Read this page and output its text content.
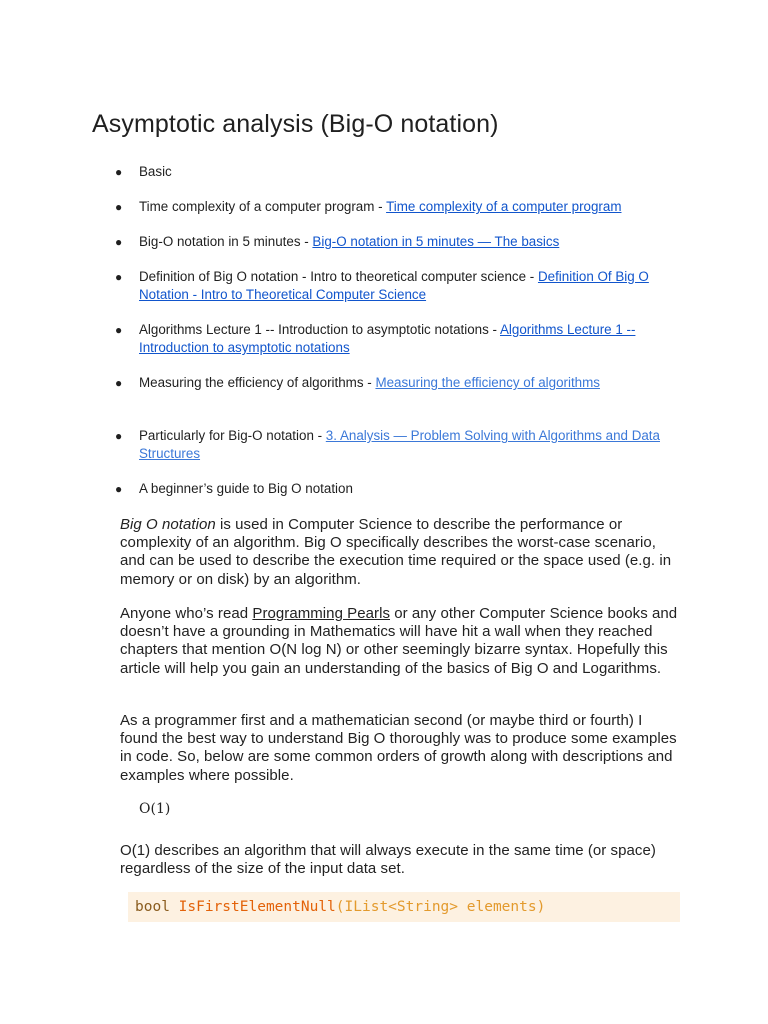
Asymptotic analysis (Big-O notation)
● Basic
● Time complexity of a computer program - Time complexity of a computer program
● Big-O notation in 5 minutes - Big-O notation in 5 minutes — The basics
● Definition of Big O notation - Intro to theoretical computer science - Definition Of Big O Notation - Intro to Theoretical Computer Science
● Algorithms Lecture 1 -- Introduction to asymptotic notations - Algorithms Lecture 1 -- Introduction to asymptotic notations
● Measuring the efficiency of algorithms - Measuring the efficiency of algorithms
● Particularly for Big-O notation - 3. Analysis — Problem Solving with Algorithms and Data Structures
● A beginner’s guide to Big O notation

Big O notation is used in Computer Science to describe the performance or complexity of an algorithm. Big O specifically describes the worst-case scenario, and can be used to describe the execution time required or the space used (e.g. in memory or on disk) by an algorithm.

Anyone who’s read Programming Pearls or any other Computer Science books and doesn’t have a grounding in Mathematics will have hit a wall when they reached chapters that mention O(N log N) or other seemingly bizarre syntax. Hopefully this article will help you gain an understanding of the basics of Big O and Logarithms.

As a programmer first and a mathematician second (or maybe third or fourth) I found the best way to understand Big O thoroughly was to produce some examples in code. So, below are some common orders of growth along with descriptions and examples where possible.

O(1)

O(1) describes an algorithm that will always execute in the same time (or space) regardless of the size of the input data set.

bool IsFirstElementNull(IList<String> elements)
